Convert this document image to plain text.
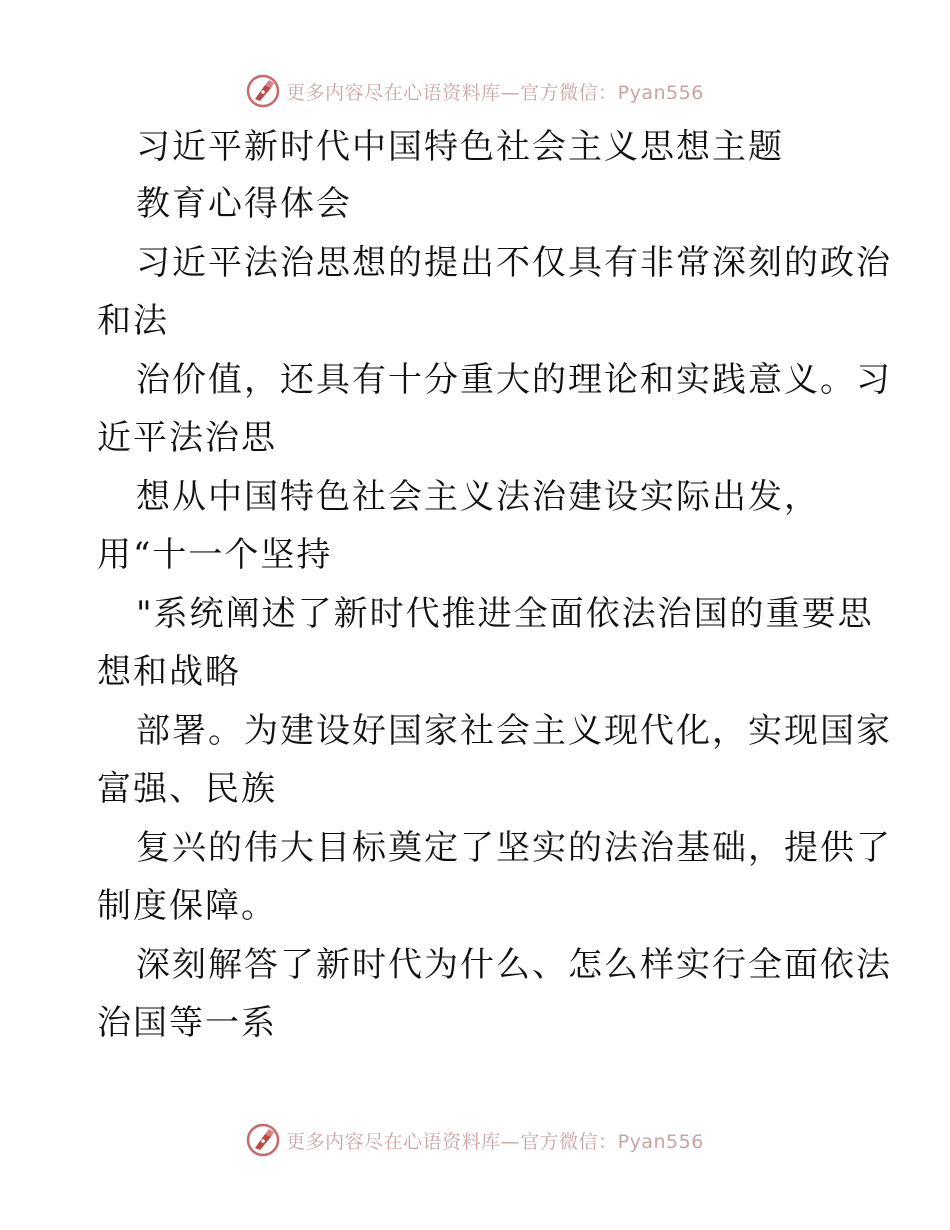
更多内容尽在心语资料库—官方微信：Pyan556
习近平新时代中国特色社会主义思想主题
教育心得体会
习近平法治思想的提出不仅具有非常深刻的政治
和法
治价值，还具有十分重大的理论和实践意义。习
近平法治思
想从中国特色社会主义法治建设实际出发，
用“十一个坚持
"系统阐述了新时代推进全面依法治国的重要思
想和战略
部署。为建设好国家社会主义现代化，实现国家
富强、民族
复兴的伟大目标奠定了坚实的法治基础，提供了
制度保障。
深刻解答了新时代为什么、怎么样实行全面依法
治国等一系
更多内容尽在心语资料库—官方微信：Pyan556
